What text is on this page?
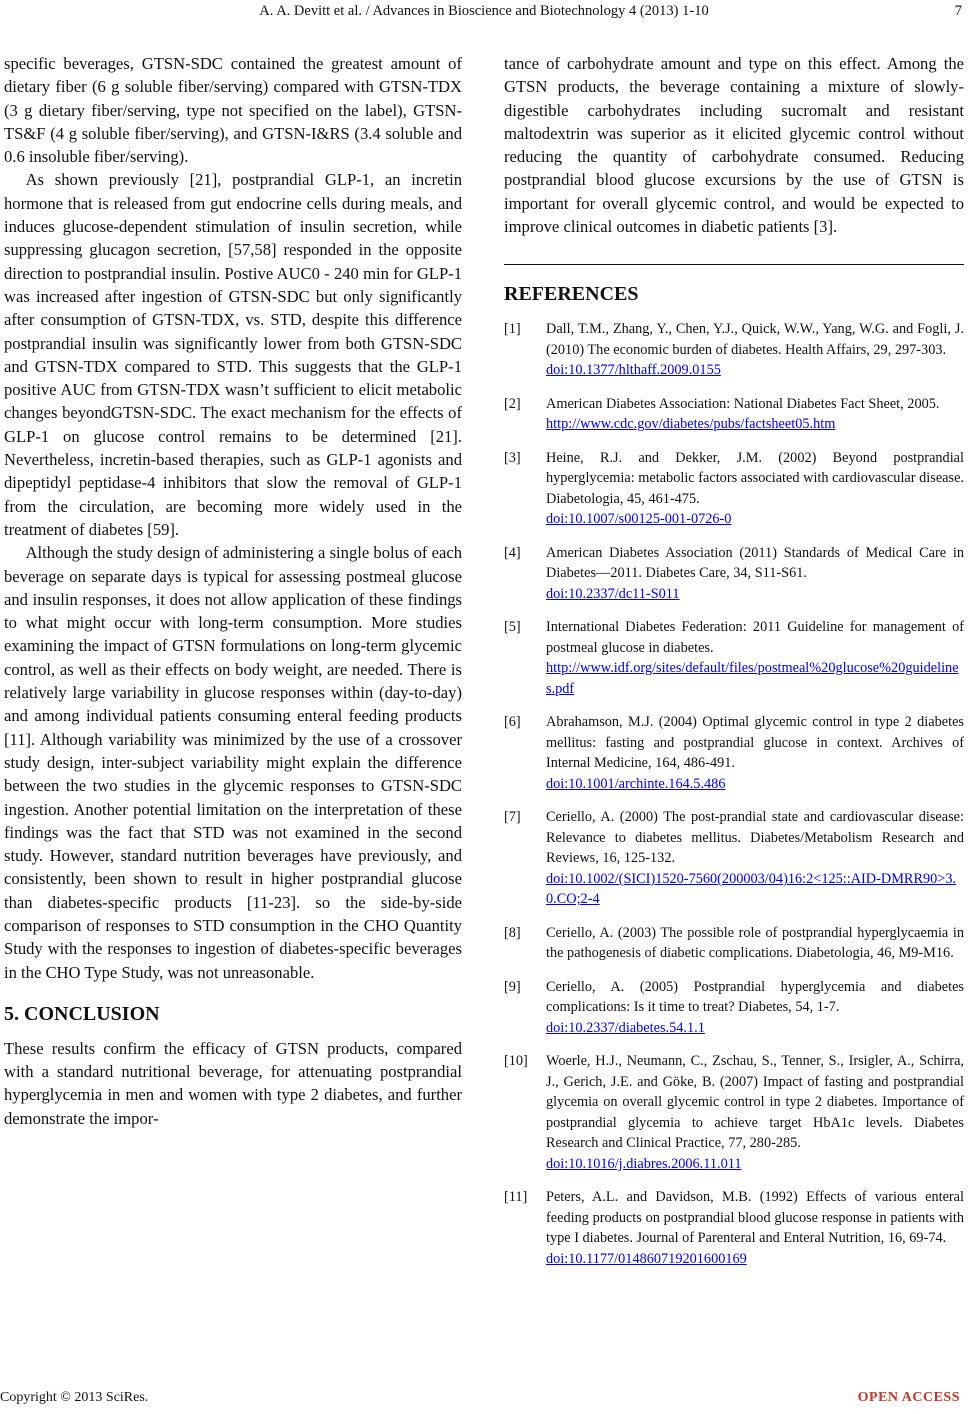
A. A. Devitt et al. / Advances in Bioscience and Biotechnology 4 (2013) 1-10	7

specific beverages, GTSN-SDC contained the greatest amount of dietary fiber (6 g soluble fiber/serving) compared with GTSN-TDX (3 g dietary fiber/serving, type not specified on the label), GTSN-TS&F (4 g soluble fiber/serving), and GTSN-I&RS (3.4 soluble and 0.6 insoluble fiber/serving).

As shown previously [21], postprandial GLP-1, an incretin hormone that is released from gut endocrine cells during meals, and induces glucose-dependent stimulation of insulin secretion, while suppressing glucagon secretion, [57,58] responded in the opposite direction to postprandial insulin. Postive AUC0 - 240 min for GLP-1 was increased after ingestion of GTSN-SDC but only significantly after consumption of GTSN-TDX, vs. STD, despite this difference postprandial insulin was significantly lower from both GTSN-SDC and GTSN-TDX compared to STD. This suggests that the GLP-1 positive AUC from GTSN-TDX wasn’t sufficient to elicit metabolic changes beyondGTSN-SDC. The exact mechanism for the effects of GLP-1 on glucose control remains to be determined [21]. Nevertheless, incretin-based therapies, such as GLP-1 agonists and dipeptidyl peptidase-4 inhibitors that slow the removal of GLP-1 from the circulation, are becoming more widely used in the treatment of diabetes [59].

Although the study design of administering a single bolus of each beverage on separate days is typical for assessing postmeal glucose and insulin responses, it does not allow application of these findings to what might occur with long-term consumption. More studies examining the impact of GTSN formulations on long-term glycemic control, as well as their effects on body weight, are needed. There is relatively large variability in glucose responses within (day-to-day) and among individual patients consuming enteral feeding products [11]. Although variability was minimized by the use of a crossover study design, inter-subject variability might explain the difference between the two studies in the glycemic responses to GTSN-SDC ingestion. Another potential limitation on the interpretation of these findings was the fact that STD was not examined in the second study. However, standard nutrition beverages have previously, and consistently, been shown to result in higher postprandial glucose than diabetes-specific products [11-23]. so the side-by-side comparison of responses to STD consumption in the CHO Quantity Study with the responses to ingestion of diabetes-specific beverages in the CHO Type Study, was not unreasonable.

5. CONCLUSION

These results confirm the efficacy of GTSN products, compared with a standard nutritional beverage, for attenuating postprandial hyperglycemia in men and women with type 2 diabetes, and further demonstrate the impor-

tance of carbohydrate amount and type on this effect. Among the GTSN products, the beverage containing a mixture of slowly-digestible carbohydrates including sucromalt and resistant maltodextrin was superior as it elicited glycemic control without reducing the quantity of carbohydrate consumed. Reducing postprandial blood glucose excursions by the use of GTSN is important for overall glycemic control, and would be expected to improve clinical outcomes in diabetic patients [3].

REFERENCES
[1] Dall, T.M., Zhang, Y., Chen, Y.J., Quick, W.W., Yang, W.G. and Fogli, J. (2010) The economic burden of diabetes. Health Affairs, 29, 297-303.
doi:10.1377/hlthaff.2009.0155
[2] American Diabetes Association: National Diabetes Fact Sheet, 2005.
http://www.cdc.gov/diabetes/pubs/factsheet05.htm
[3] Heine, R.J. and Dekker, J.M. (2002) Beyond postprandial hyperglycemia: metabolic factors associated with cardiovascular disease. Diabetologia, 45, 461-475.
doi:10.1007/s00125-001-0726-0
[4] American Diabetes Association (2011) Standards of Medical Care in Diabetes—2011. Diabetes Care, 34, S11-S61.
doi:10.2337/dc11-S011
[5] International Diabetes Federation: 2011 Guideline for management of postmeal glucose in diabetes.
http://www.idf.org/sites/default/files/postmeal%20glucose%20guidelines.pdf
[6] Abrahamson, M.J. (2004) Optimal glycemic control in type 2 diabetes mellitus: fasting and postprandial glucose in context. Archives of Internal Medicine, 164, 486-491.
doi:10.1001/archinte.164.5.486
[7] Ceriello, A. (2000) The post-prandial state and cardiovascular disease: Relevance to diabetes mellitus. Diabetes/Metabolism Research and Reviews, 16, 125-132.
doi:10.1002/(SICI)1520-7560(200003/04)16:2<125::AID-DMRR90>3.0.CO;2-4
[8] Ceriello, A. (2003) The possible role of postprandial hyperglycaemia in the pathogenesis of diabetic complications. Diabetologia, 46, M9-M16.
[9] Ceriello, A. (2005) Postprandial hyperglycemia and diabetes complications: Is it time to treat? Diabetes, 54, 1-7.
doi:10.2337/diabetes.54.1.1
[10] Woerle, H.J., Neumann, C., Zschau, S., Tenner, S., Irsigler, A., Schirra, J., Gerich, J.E. and Göke, B. (2007) Impact of fasting and postprandial glycemia on overall glycemic control in type 2 diabetes. Importance of postprandial glycemia to achieve target HbA1c levels. Diabetes Research and Clinical Practice, 77, 280-285.
doi:10.1016/j.diabres.2006.11.011
[11] Peters, A.L. and Davidson, M.B. (1992) Effects of various enteral feeding products on postprandial blood glucose response in patients with type I diabetes. Journal of Parenteral and Enteral Nutrition, 16, 69-74.
doi:10.1177/014860719201600169
Copyright © 2013 SciRes.	OPEN ACCESS
